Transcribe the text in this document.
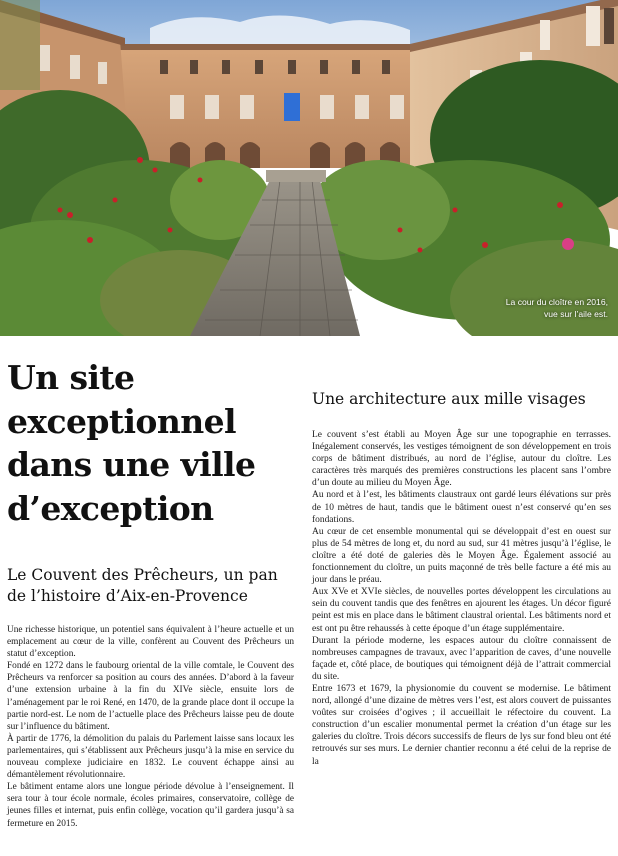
La cour du cloître en 2016,
vue sur l’aile est.
Un site exceptionnel dans une ville d’exception
Le Couvent des Prêcheurs, un pan de l’histoire d’Aix-en-Provence

Une richesse historique, un potentiel sans équivalent à l’heure actuelle et un emplacement au cœur de la ville, confèrent au Couvent des Prêcheurs un statut d’exception.

Fondé en 1272 dans le faubourg oriental de la ville comtale, le Couvent des Prêcheurs va renforcer sa position au cours des années. D’abord à la faveur d’une extension urbaine à la fin du XIVe siècle, ensuite lors de l’aménagement par le roi René, en 1470, de la grande place dont il occupe la partie nord-est. Le nom de l’actuelle place des Prêcheurs laisse peu de doute sur l’influence du bâtiment.

À partir de 1776, la démolition du palais du Parlement laisse sans locaux les parlementaires, qui s’établissent aux Prêcheurs jusqu’à la mise en service du nouveau complexe judiciaire en 1832. Le couvent échappe ainsi au démantèlement révolutionnaire.

Le bâtiment entame alors une longue période dévolue à l’enseignement. Il sera tour à tour école normale, écoles primaires, conservatoire, collège de jeunes filles et internat, puis enfin collège, vocation qu’il gardera jusqu’à sa fermeture en 2015.

Une architecture aux mille visages

Le couvent s’est établi au Moyen Âge sur une topographie en terrasses. Inégalement conservés, les vestiges témoignent de son développement en trois corps de bâtiment distribués, au nord de l’église, autour du cloître. Les caractères très marqués des premières constructions les placent sans l’ombre d’un doute au milieu du Moyen Âge.

Au nord et à l’est, les bâtiments claustraux ont gardé leurs élévations sur près de 10 mètres de haut, tandis que le bâtiment ouest n’est conservé qu’en ses fondations.

Au cœur de cet ensemble monumental qui se développait d’est en ouest sur plus de 54 mètres de long et, du nord au sud, sur 41 mètres jusqu’à l’église, le cloître a été doté de galeries dès le Moyen Âge. Également associé au fonctionnement du cloître, un puits maçonné de très belle facture a été mis au jour dans le préau.

Aux XVe et XVIe siècles, de nouvelles portes développent les circulations au sein du couvent tandis que des fenêtres en ajourent les étages. Un décor figuré peint est mis en place dans le bâtiment claustral oriental. Les bâtiments nord et est ont pu être rehaussés à cette époque d’un étage supplémentaire.

Durant la période moderne, les espaces autour du cloître connaissent de nombreuses campagnes de travaux, avec l’apparition de caves, d’une nouvelle façade et, côté place, de boutiques qui témoignent déjà de l’attrait commercial du site.

Entre 1673 et 1679, la physionomie du couvent se modernise. Le bâtiment nord, allongé d’une dizaine de mètres vers l’est, est alors couvert de puissantes voûtes sur croisées d’ogives ; il accueillait le réfectoire du couvent. La construction d’un escalier monumental permet la création d’un étage sur les galeries du cloître. Trois décors successifs de fleurs de lys sur fond bleu ont été retrouvés sur ses murs. Le dernier chantier reconnu a été celui de la reprise de la
